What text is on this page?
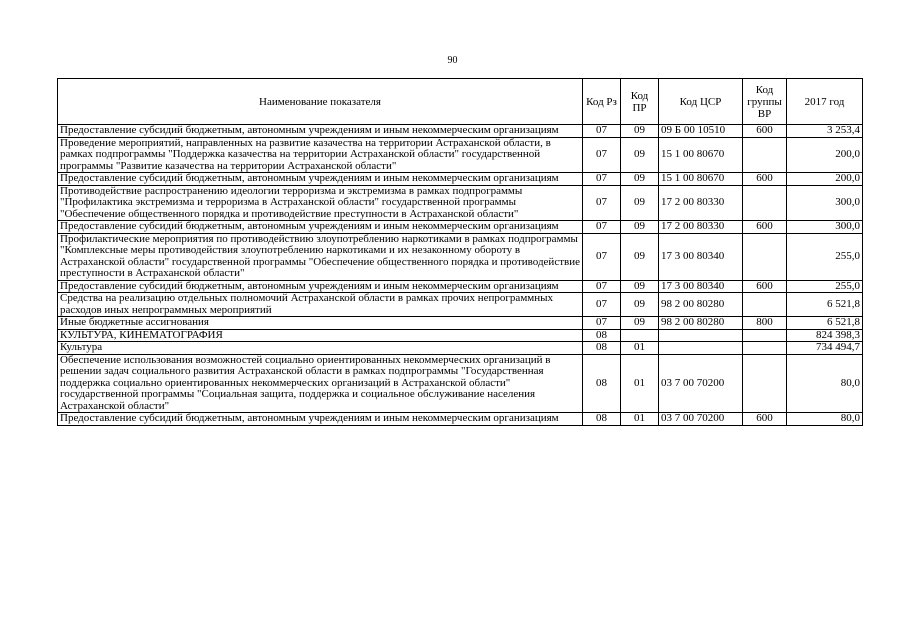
90
Наименование показателя	Код Рз	Код ПР	Код ЦСР	Код группы ВР	2017 год
Предоставление субсидий бюджетным, автономным учреждениям и иным некоммерческим организациям	07	09	09 Б 00 10510	600	3 253,4
Проведение мероприятий, направленных на развитие казачества на территории Астраханской области, в рамках подпрограммы "Поддержка казачества на территории Астраханской области" государственной программы "Развитие казачества на территории Астраханской области"	07	09	15 1 00 80670		200,0
Предоставление субсидий бюджетным, автономным учреждениям и иным некоммерческим организациям	07	09	15 1 00 80670	600	200,0
Противодействие распространению идеологии терроризма и экстремизма в рамках подпрограммы "Профилактика экстремизма и терроризма в Астраханской области" государственной программы "Обеспечение общественного порядка и противодействие преступности в Астраханской области"	07	09	17 2 00 80330		300,0
Предоставление субсидий бюджетным, автономным учреждениям и иным некоммерческим организациям	07	09	17 2 00 80330	600	300,0
Профилактические мероприятия по противодействию злоупотреблению наркотиками в рамках подпрограммы "Комплексные меры противодействия злоупотреблению наркотиками и их незаконному обороту в Астраханской области" государственной программы "Обеспечение общественного порядка и противодействие преступности в Астраханской области"	07	09	17 3 00 80340		255,0
Предоставление субсидий бюджетным, автономным учреждениям и иным некоммерческим организациям	07	09	17 3 00 80340	600	255,0
Средства на реализацию отдельных полномочий Астраханской области в рамках прочих непрограммных расходов иных непрограммных мероприятий	07	09	98 2 00 80280		6 521,8
Иные бюджетные ассигнования	07	09	98 2 00 80280	800	6 521,8
КУЛЬТУРА, КИНЕМАТОГРАФИЯ	08				824 398,3
Культура	08	01			734 494,7
Обеспечение использования возможностей социально ориентированных некоммерческих организаций в решении задач социального развития Астраханской области в рамках подпрограммы "Государственная поддержка социально ориентированных некоммерческих организаций в Астраханской области" государственной программы "Социальная защита, поддержка и социальное обслуживание населения Астраханской области"	08	01	03 7 00 70200		80,0
Предоставление субсидий бюджетным, автономным учреждениям и иным некоммерческим организациям	08	01	03 7 00 70200	600	80,0
